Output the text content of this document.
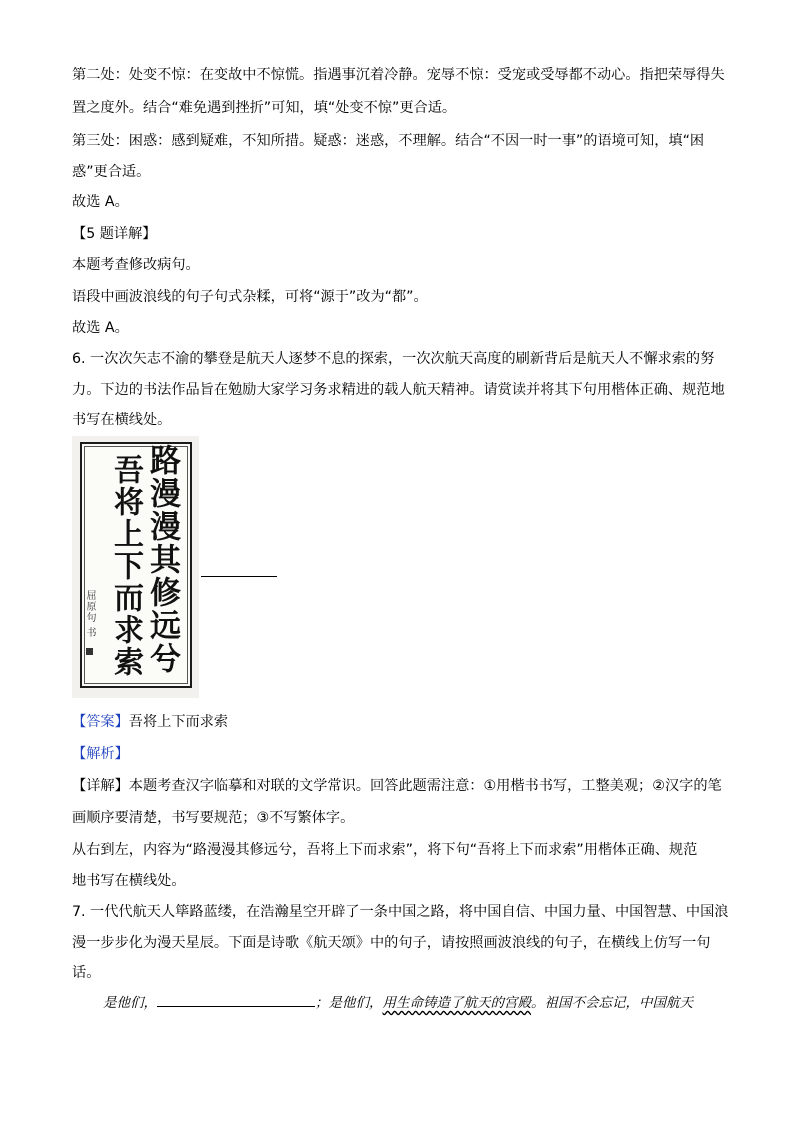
第二处：处变不惊：在变故中不惊慌。指遇事沉着冷静。宠辱不惊：受宠或受辱都不动心。指把荣辱得失
置之度外。结合“难免遇到挫折”可知，填“处变不惊”更合适。
第三处：困惑：感到疑难，不知所措。疑惑：迷惑，不理解。结合“不因一时一事”的语境可知，填“困
惑”更合适。
故选 A。
【5 题详解】
本题考查修改病句。
语段中画波浪线的句子句式杂糅，可将“源于”改为“都”。
故选 A。
6. 一次次矢志不渝的攀登是航天人逐梦不息的探索，一次次航天高度的刷新背后是航天人不懈求索的努
力。下边的书法作品旨在勉励大家学习务求精进的载人航天精神。请赏读并将其下句用楷体正确、规范地
书写在横线处。
路漫漫其修远兮
吾将上下而求索
屈原句 书
【答案】吾将上下而求索
【解析】
【详解】本题考查汉字临摹和对联的文学常识。回答此题需注意：①用楷书书写，工整美观；②汉字的笔
画顺序要清楚，书写要规范；③不写繁体字。
从右到左，内容为“路漫漫其修远兮，吾将上下而求索”，将下句“吾将上下而求索”用楷体正确、规范
地书写在横线处。
7. 一代代航天人筚路蓝缕，在浩瀚星空开辟了一条中国之路，将中国自信、中国力量、中国智慧、中国浪
漫一步步化为漫天星辰。下面是诗歌《航天颂》中的句子，请按照画波浪线的句子，在横线上仿写一句
话。
是他们，	；是他们，用生命铸造了航天的宫殿。祖国不会忘记，中国航天
